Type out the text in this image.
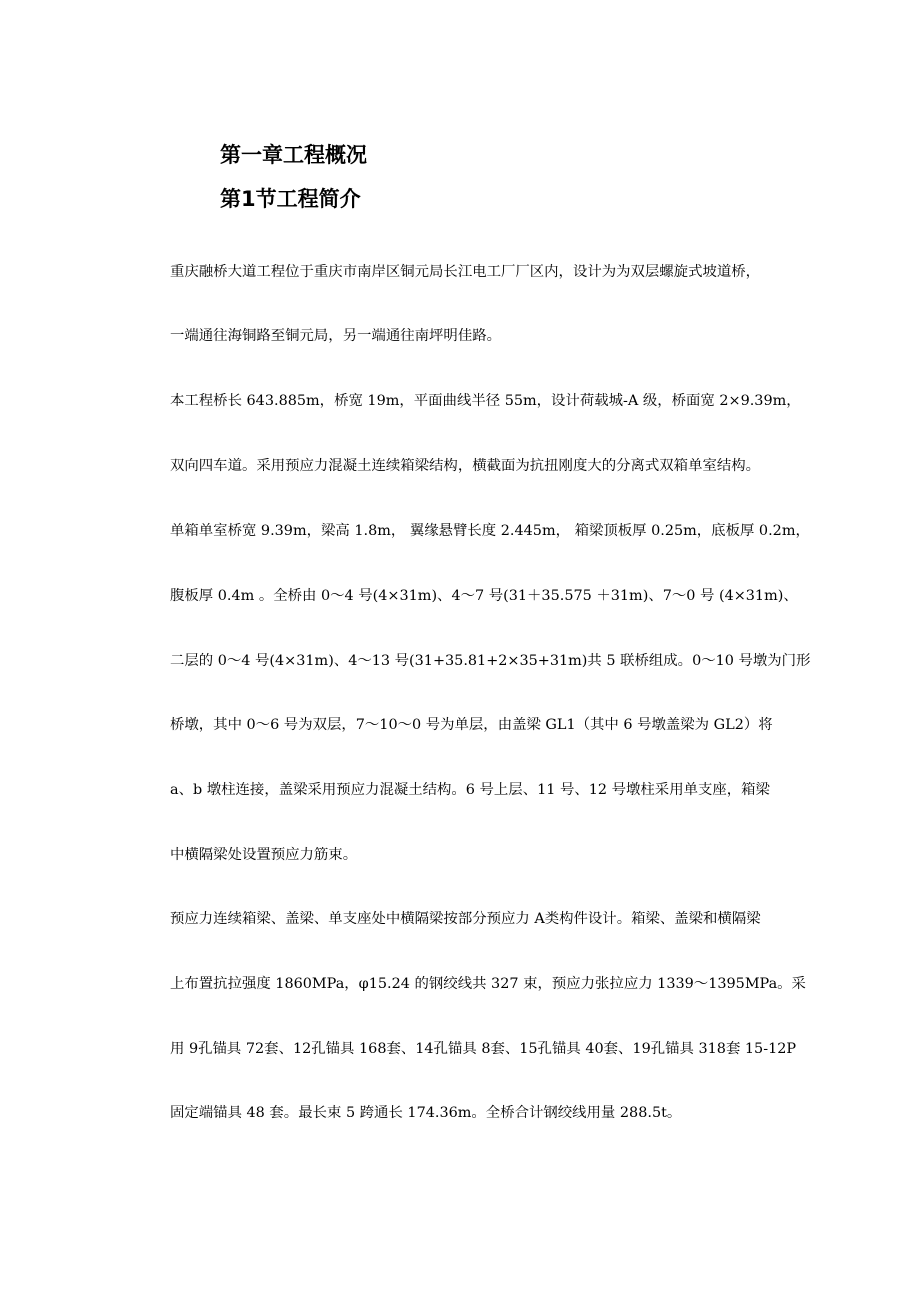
第一章工程概况
第1节工程简介

重庆融桥大道工程位于重庆市南岸区铜元局长江电工厂厂区内，设计为为双层螺旋式坡道桥，

一端通往海铜路至铜元局，另一端通往南坪明佳路。

本工程桥长 643.885m，桥宽 19m，平面曲线半径 55m，设计荷载城-A 级，桥面宽 2×9.39m，

双向四车道。采用预应力混凝土连续箱梁结构，横截面为抗扭刚度大的分离式双箱单室结构。

单箱单室桥宽 9.39m，梁高 1.8m， 翼缘悬臂长度 2.445m， 箱梁顶板厚 0.25m，底板厚 0.2m，

腹板厚 0.4m 。全桥由 0～4 号(4×31m)、4～7 号(31＋35.575 ＋31m)、7～0 号 (4×31m)、

二层的 0～4 号(4×31m)、4～13 号(31+35.81+2×35+31m)共 5 联桥组成。0～10 号墩为门形

桥墩，其中 0～6 号为双层，7～10～0 号为单层，由盖梁 GL1（其中 6 号墩盖梁为 GL2）将

a、b 墩柱连接，盖梁采用预应力混凝土结构。6 号上层、11 号、12 号墩柱采用单支座，箱梁

中横隔梁处设置预应力筋束。

预应力连续箱梁、盖梁、单支座处中横隔梁按部分预应力 A类构件设计。箱梁、盖梁和横隔梁

上布置抗拉强度 1860MPa，φ15.24 的钢绞线共 327 束，预应力张拉应力 1339～1395MPa。采

用 9孔锚具 72套、12孔锚具 168套、14孔锚具 8套、15孔锚具 40套、19孔锚具 318套 15-12P

固定端锚具 48 套。最长束 5 跨通长 174.36m。全桥合计钢绞线用量 288.5t。
